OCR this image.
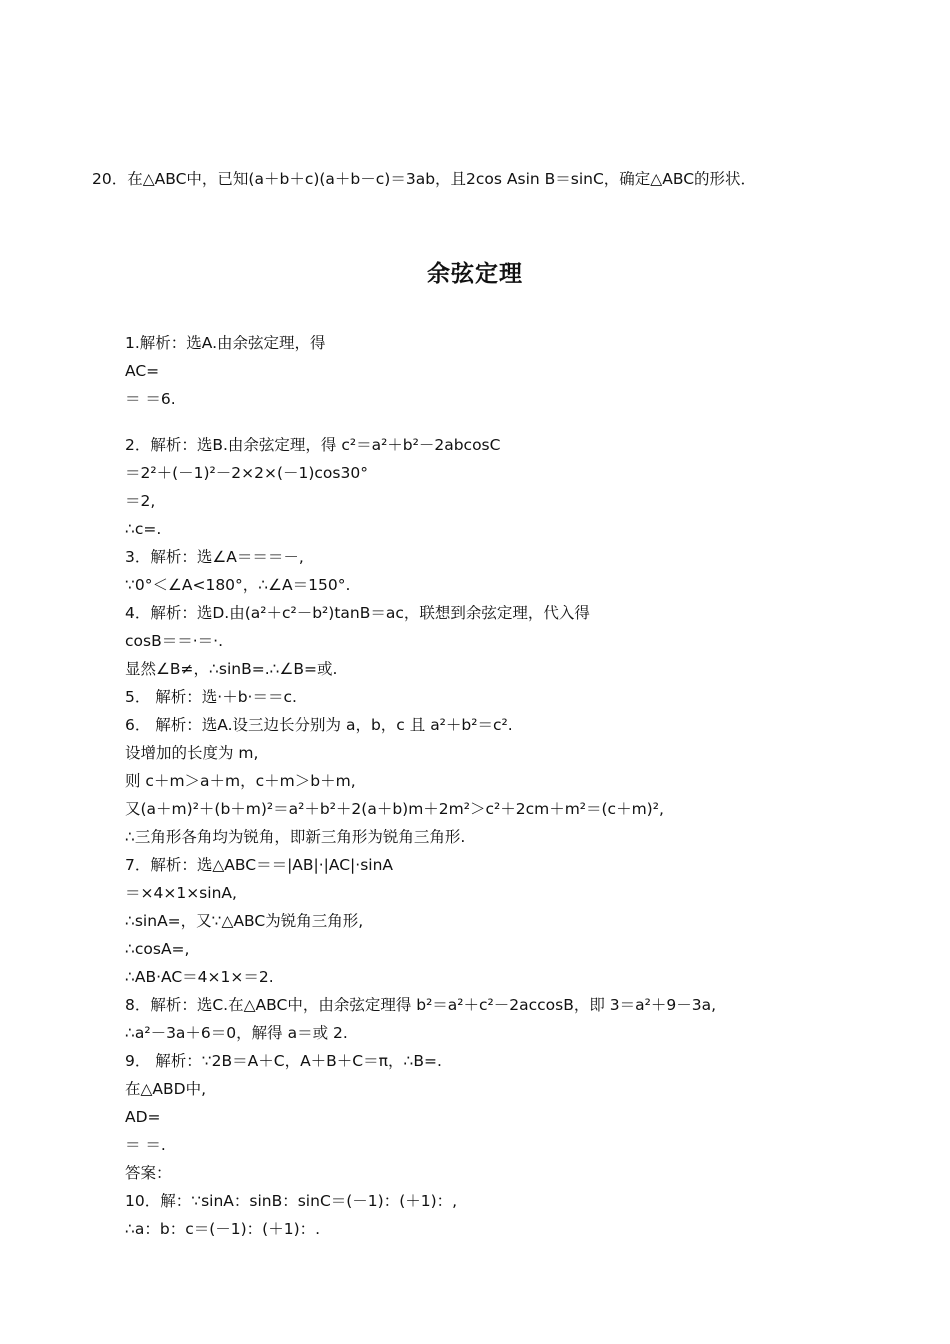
20．在△ABC中，已知(a＋b＋c)(a＋b－c)＝3ab，且2cos Asin B＝sinC，确定△ABC的形状．
余弦定理
1.解析：选A.由余弦定理，得
AC=
＝ ＝6.
2．解析：选B.由余弦定理，得 c²＝a²＋b²－2abcosC
＝2²＋(－1)²－2×2×(－1)cos30°
＝2,
∴c=.
3．解析：选∠A＝＝＝－,
∵0°＜∠A<180°，∴∠A＝150°.
4．解析：选D.由(a²＋c²－b²)tanB＝ac，联想到余弦定理，代入得
cosB＝＝·＝·.
显然∠B≠，∴sinB=.∴∠B=或.
5． 解析：选·＋b·＝＝c.
6． 解析：选A.设三边长分别为 a，b，c 且 a²＋b²＝c².
设增加的长度为 m,
则 c＋m＞a＋m，c＋m＞b＋m,
又(a＋m)²＋(b＋m)²＝a²＋b²＋2(a＋b)m＋2m²＞c²＋2cm＋m²＝(c＋m)²,
∴三角形各角均为锐角，即新三角形为锐角三角形.
7．解析：选△ABC＝＝|AB|·|AC|·sinA
＝×4×1×sinA,
∴sinA=，又∵△ABC为锐角三角形,
∴cosA=,
∴AB·AC＝4×1×＝2.
8．解析：选C.在△ABC中，由余弦定理得 b²＝a²＋c²－2accosB，即 3＝a²＋9－3a,
∴a²－3a＋6＝0，解得 a＝或 2.
9． 解析：∵2B＝A＋C，A＋B＋C＝π，∴B=.
在△ABD中,
AD=
＝ ＝.
答案：
10．解：∵sinA：sinB：sinC＝(－1)：(＋1)：,
∴a：b：c＝(－1)：(＋1)：.
